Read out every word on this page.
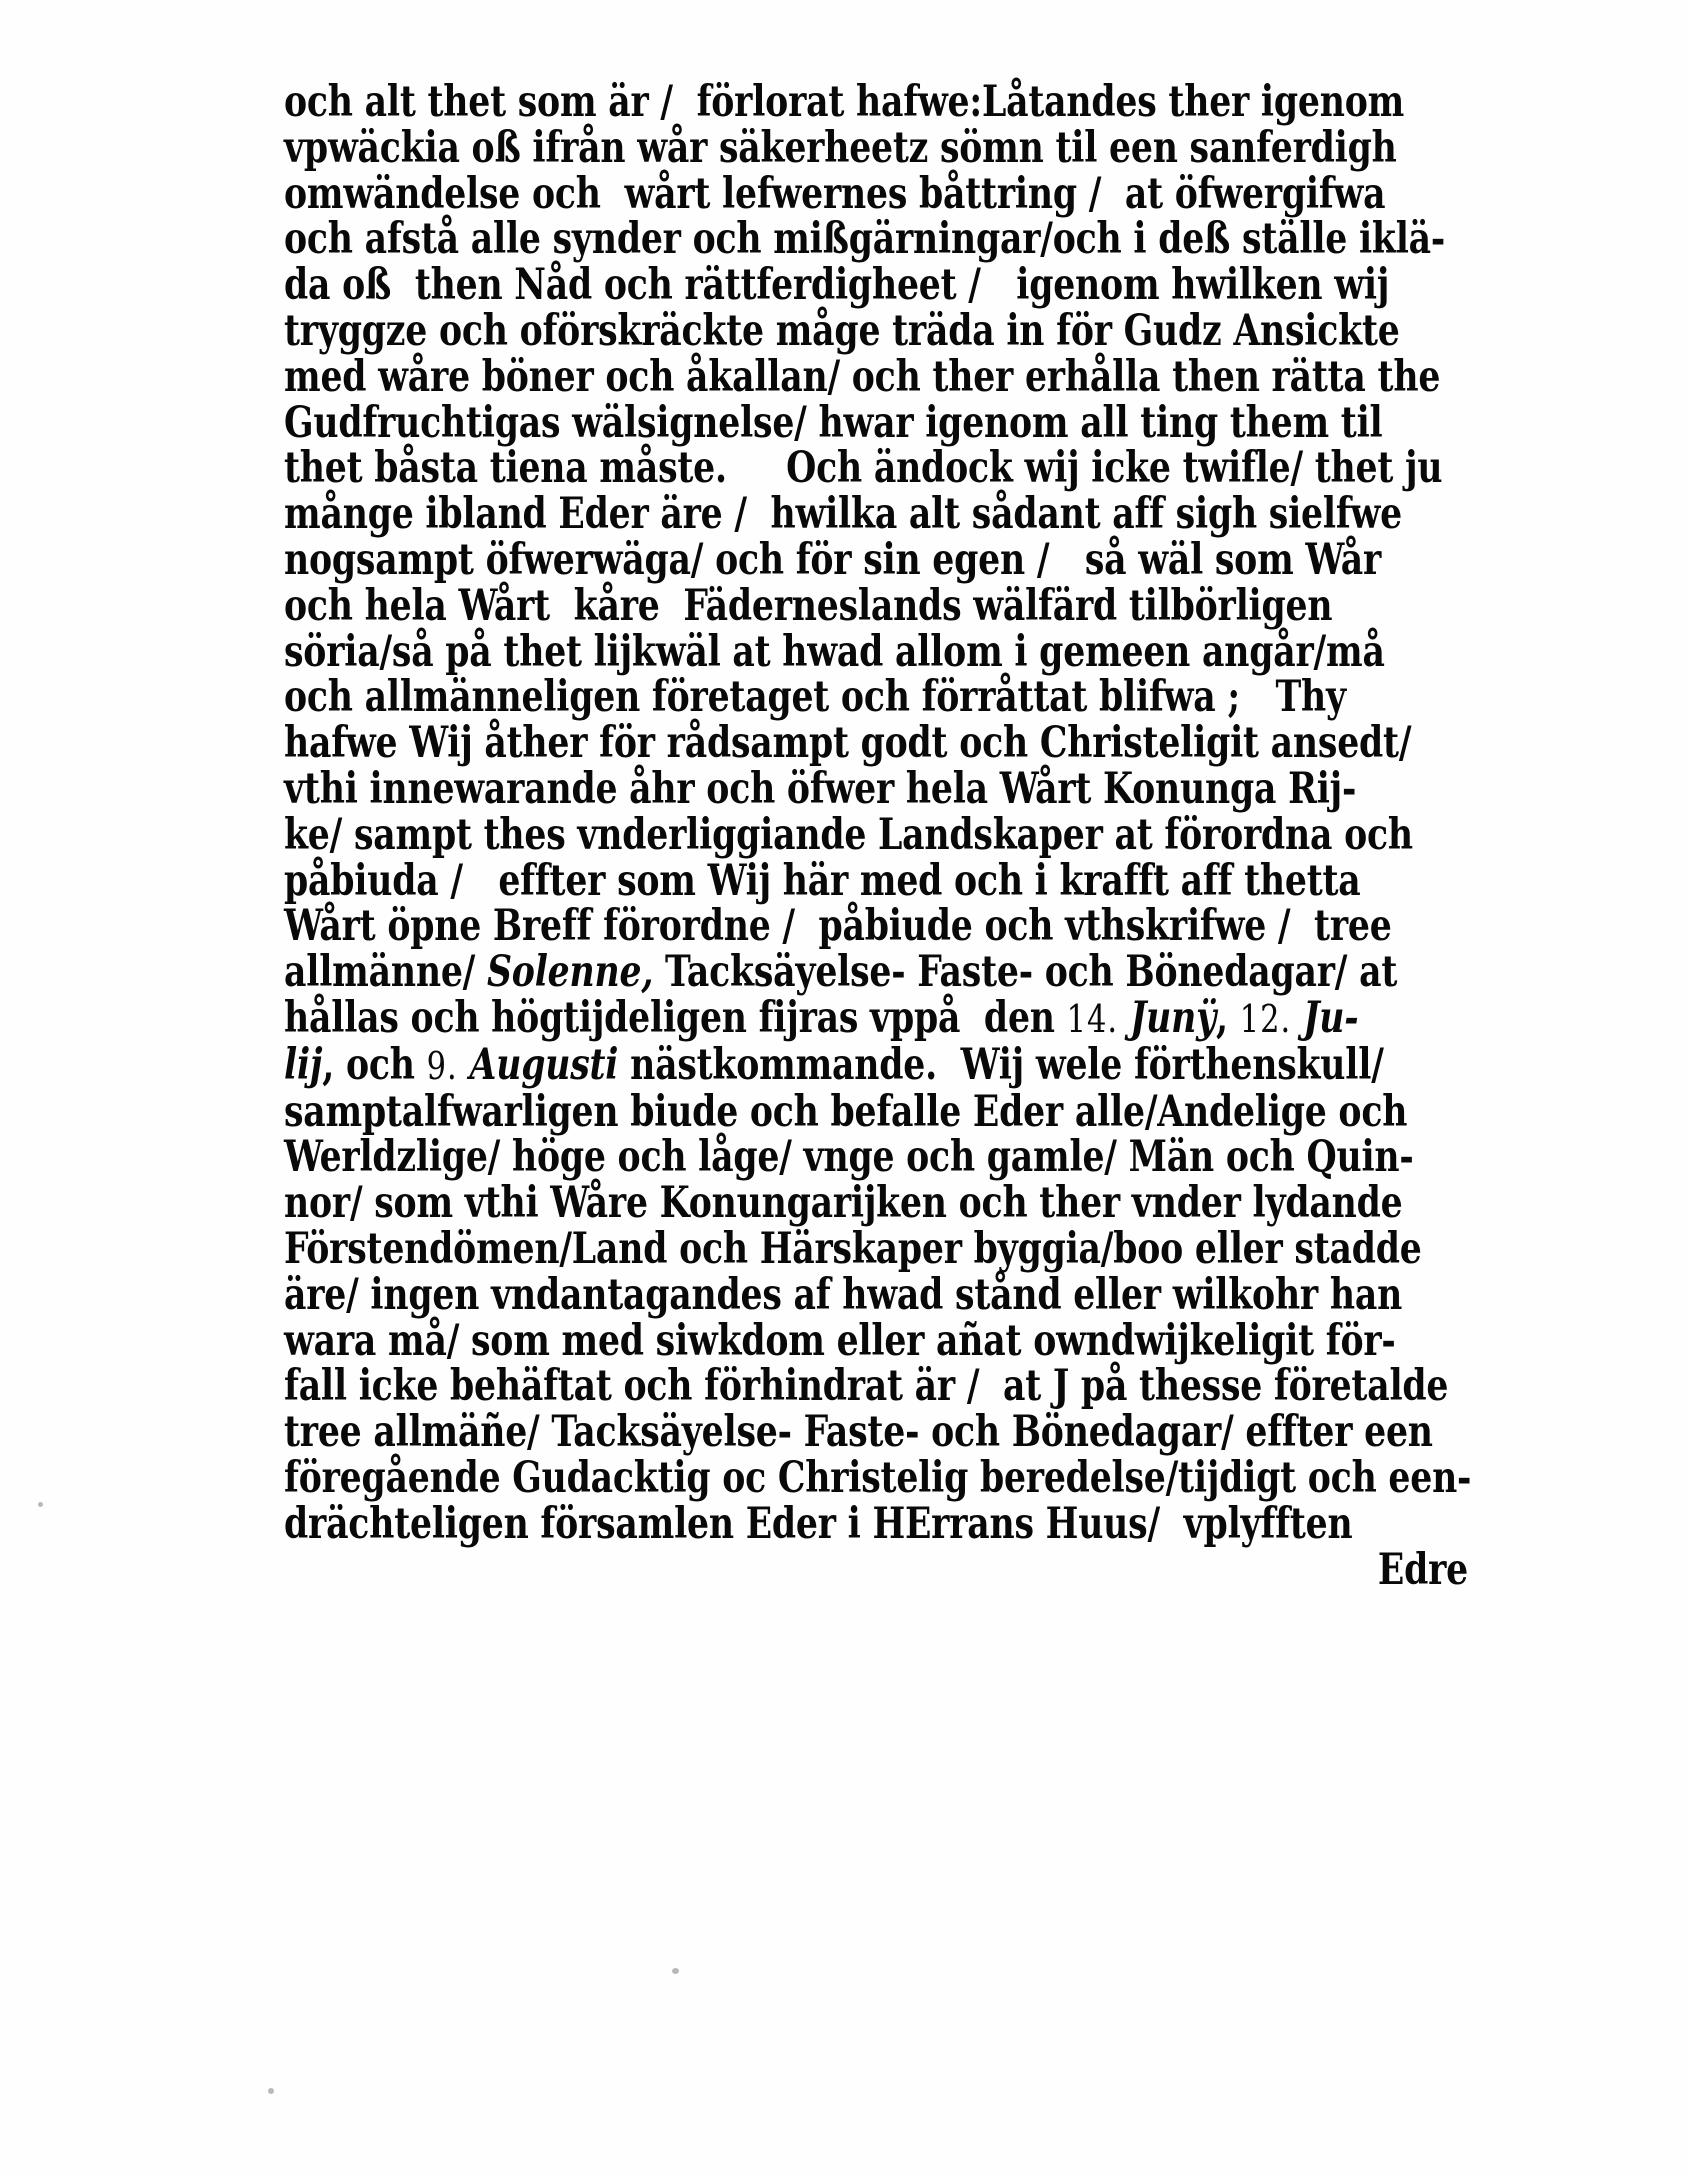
och alt thet som är /  förlorat hafwe:Låtandes ther igenom
vpwäckia oß ifrån wår säkerheetz sömn til een sanferdigh
omwändelse och  wårt lefwernes båttring /  at öfwergifwa
och afstå alle synder och mißgärningar/och i deß ställe iklä-
da oß  then Nåd och rättferdigheet /   igenom hwilken wij
tryggze och oförskräckte måge träda in för Gudz Ansickte
med wåre böner och åkallan/ och ther erhålla then rätta the
Gudfruchtigas wälsignelse/ hwar igenom all ting them til
thet båsta tiena måste.     Och ändock wij icke twifle/ thet ju
månge ibland Eder äre /  hwilka alt sådant aff sigh sielfwe
nogsampt öfwerwäga/ och för sin egen /   så wäl som Wår
och hela Wårt  kåre  Fäderneslands wälfärd tilbörligen
söria/så på thet lijkwäl at hwad allom i gemeen angår/må
och allmänneligen företaget och förråttat blifwa ;   Thy
hafwe Wij åther för rådsampt godt och Christeligit ansedt/
vthi innewarande åhr och öfwer hela Wårt Konunga Rij-
ke/ sampt thes vnderliggiande Landskaper at förordna och
påbiuda /   effter som Wij här med och i krafft aff thetta
Wårt öpne Breff förordne /  påbiude och vthskrifwe /  tree
allmänne/ Solenne, Tacksäyelse- Faste- och Bönedagar/ at
hållas och högtijdeligen fijras vppå  den 14. Junÿ, 12. Ju-
lij, och 9. Augusti nästkommande.  Wij wele förthenskull/
samptalfwarligen biude och befalle Eder alle/Andelige och
Werldzlige/ höge och låge/ vnge och gamle/ Män och Quin-
nor/ som vthi Wåre Konungarijken och ther vnder lydande
Förstendömen/Land och Härskaper byggia/boo eller stadde
äre/ ingen vndantagandes af hwad stånd eller wilkohr han
wara må/ som med siwkdom eller añat owndwijkeligit för-
fall icke behäftat och förhindrat är /  at J på thesse företalde
tree allmäñe/ Tacksäyelse- Faste- och Bönedagar/ effter een
föregående Gudacktig oc Christelig beredelse/tijdigt och een-
drächteligen församlen Eder i HErrans Huus/  vplyfften
Edre
